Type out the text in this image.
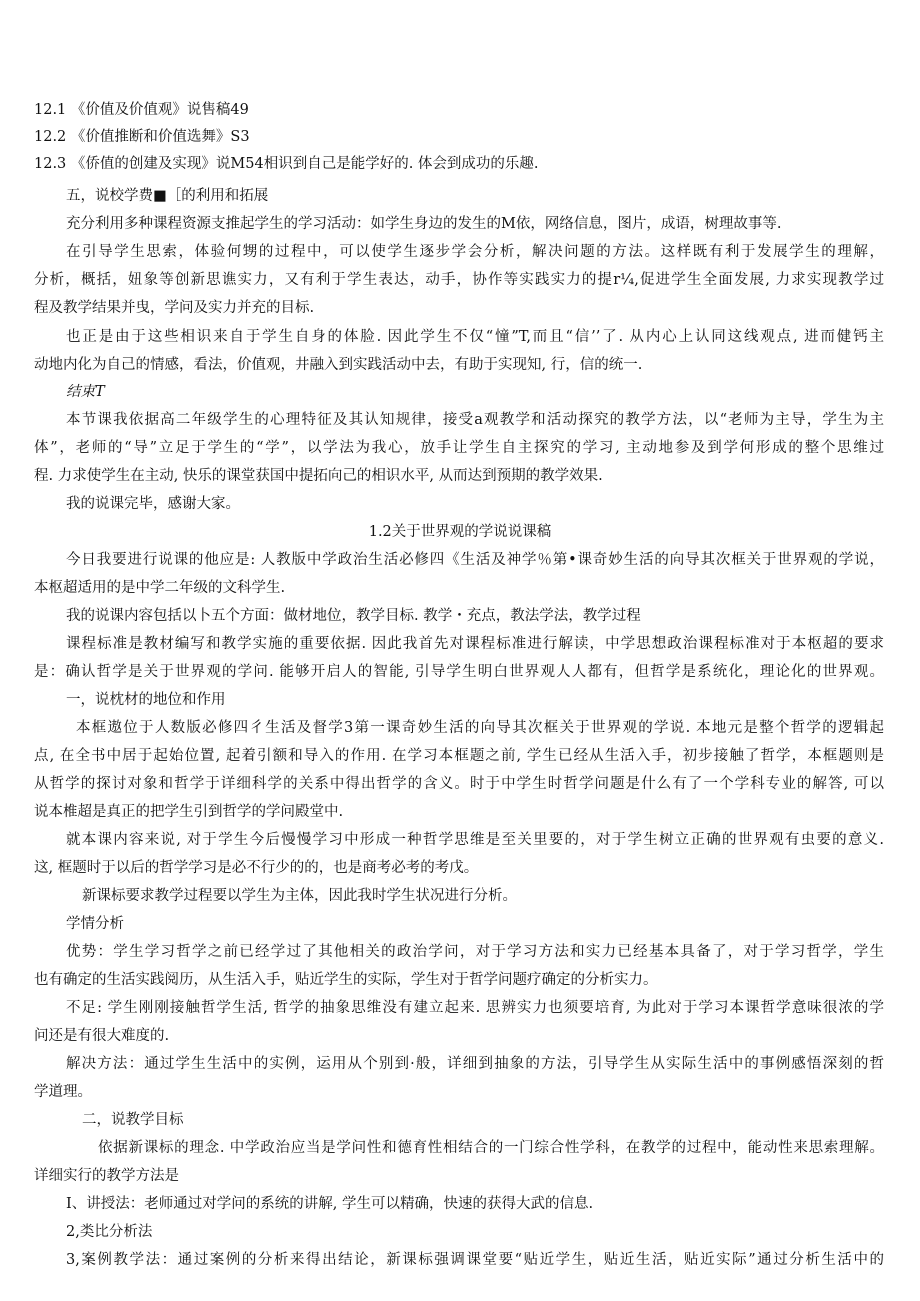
12.1 《价值及价值观》说售稿49
12.2 《价值推断和价值选舞》S3
12.3 《侨值的创建及实现》说M54相识到自己是能学好的. 体会到成功的乐趣.
五，说校学费■［的利用和拓展
充分利用多种课程资源支推起学生的学习活动：如学生身边的发生的M依，网络信息，图片，成语，树理故事等.
在引导学生思索，体验何甥的过程中，可以使学生逐步学会分析，解决问题的方法。这样既有利于发展学生的理解，
分析，概括，妞象等创新思谯实力，又有利于学生表达，动手，协作等实践实力的提r¼,促进学生全面发展, 力求实现教学过
程及教学结果并曳，学问及实力并充的目标.
也正是由于这些相识来自于学生自身的体脸. 因此学生不仅“憧”T,而且“信’’了. 从内心上认同这线观点, 进而健钙主
动地内化为自己的情感，看法，价值观，井融入到实践活动中去，有助于实现知, 行，信的统一.
结束T
本节课我依据高二年级学生的心理特征及其认知规律，接受a观教学和活动探究的教学方法，以“老师为主导，学生为主
体”，老师的“导”立足于学生的“学”，以学法为我心，放手让学生自主探究的学习, 主动地参及到学何形成的整个思维过
程. 力求使学生在主动, 快乐的课堂获国中提拓向己的相识水平, 从而达到预期的教学效果.
我的说课完毕，感谢大家。
1.2关于世界观的学说说课稿
今日我要进行说课的他应是: 人教版中学政治生活必修四《生活及神学％第•课奇妙生活的向导其次框关于世界观的学说，
本枢超适用的是中学二年级的文科学生.
我的说课内容包括以卜五个方面：做材地位，教学目标. 教学・充点，教法学法，教学过程
课程标准是教材编写和教学实施的重要依据. 因此我首先对课程标准进行解读，中学思想政治课程标准对于本枢超的要求
是：确认哲学是关于世界观的学问. 能够开启人的智能, 引导学生明白世界观人人都有，但哲学是系统化，理论化的世界观。
一，说枕材的地位和作用
本框遨位于人数版必修四彳生活及督学3第一课奇妙生活的向导其次框关于世界观的学说. 本地元是整个哲学的逻辑起
点, 在全书中居于起始位置, 起着引额和导入的作用. 在学习本框题之前, 学生已经从生活入手，初步接触了哲学，本框题则是
从哲学的探讨对象和哲学于详细科学的关系中得出哲学的含义。时于中学生时哲学问题是什么有了一个学科专业的解答, 可以
说本椎超是真正的把学生引到哲学的学问殿堂中.
就本课内容来说, 对于学生今后慢慢学习中形成一种哲学思维是至关里要的，对于学生树立正确的世界观有虫要的意义.
这, 框题时于以后的哲学学习是必不行少的的，也是商考必考的考戊。
新课标要求教学过程要以学生为主体，因此我时学生状况进行分析。
学情分析
优势：学生学习哲学之前已经学过了其他相关的政治学问，对于学习方法和实力已经基本具备了，对于学习哲学，学生
也有确定的生活实践阅历，从生活入手，贴近学生的实际，学生对于哲学问题疗确定的分析实力。
不足: 学生刚刚接触哲学生活, 哲学的抽象思维没有建立起来. 思辨实力也须要培育, 为此对于学习本课哲学意味很浓的学
问还是有很大难度的.
解决方法：通过学生生活中的实例，运用从个别到·般，详细到抽象的方法，引导学生从实际生活中的事例感悟深刻的哲
学道理。
二，说教学目标
依据新课标的理念. 中学政治应当是学问性和德育性相结合的一门综合性学科，在教学的过程中，能动性来思索理解。
详细实行的教学方法是
I、讲授法：老师通过对学问的系统的讲解, 学生可以精确，快速的获得大武的信息.
2,类比分析法
3,案例教学法：通过案例的分析来得出结论，新课标强调课堂要“贴近学生，贴近生活，贴近实际”通过分析生活中的
